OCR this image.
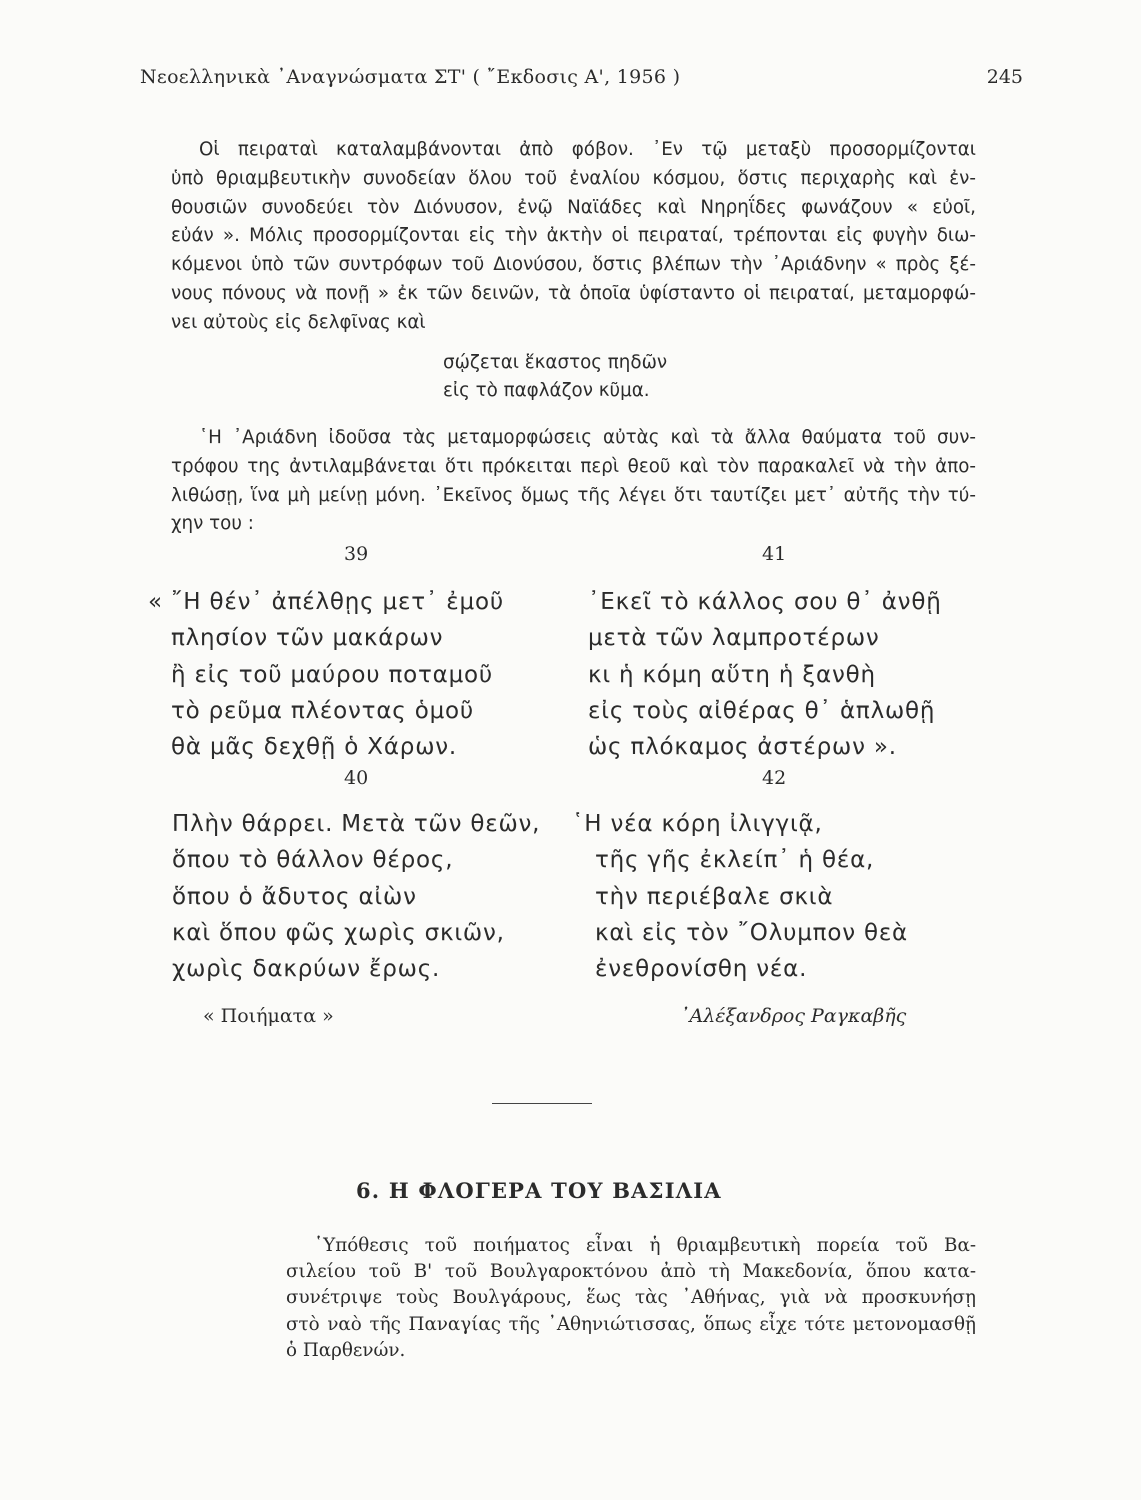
Νεοελληνικὰ ᾿Αναγνώσματα ΣΤ' ( ῎Εκδοσις Α', 1956 )	245
Οἱ πειραταὶ καταλαμβάνονται ἀπὸ φόβον. ᾿Εν τῷ μεταξὺ προσορμίζονται
ὑπὸ θριαμβευτικὴν συνοδείαν ὅλου τοῦ ἐναλίου κόσμου, ὅστις περιχαρὴς καὶ ἐν-
θουσιῶν συνοδεύει τὸν Διόνυσον, ἐνῷ Ναϊάδες καὶ Νηρηΐδες φωνάζουν « εὐοῖ,
εὐάν ». Μόλις προσορμίζονται εἰς τὴν ἀκτὴν οἱ πειραταί, τρέπονται εἰς φυγὴν διω-
κόμενοι ὑπὸ τῶν συντρόφων τοῦ Διονύσου, ὅστις βλέπων τὴν ᾿Αριάδνην « πρὸς ξέ-
νους πόνους νὰ πονῇ » ἐκ τῶν δεινῶν, τὰ ὁποῖα ὑφίσταντο οἱ πειραταί, μεταμορφώ-
νει αὐτοὺς εἰς δελφῖνας καὶ
σῴζεται ἕκαστος πηδῶν
εἰς τὸ παφλάζον κῦμα.
῾Η ᾿Αριάδνη ἰδοῦσα τὰς μεταμορφώσεις αὐτὰς καὶ τὰ ἄλλα θαύματα τοῦ συν-
τρόφου της ἀντιλαμβάνεται ὅτι πρόκειται περὶ θεοῦ καὶ τὸν παρακαλεῖ νὰ τὴν ἀπο-
λιθώσῃ, ἵνα μὴ μείνῃ μόνη. ᾿Εκεῖνος ὅμως τῆς λέγει ὅτι ταυτίζει μετ᾿ αὐτῆς τὴν τύ-
χην του :
39
« ῎Η θέν᾿ ἀπέλθῃς μετ᾿ ἐμοῦ
πλησίον τῶν μακάρων
ἢ εἰς τοῦ μαύρου ποταμοῦ
τὸ ρεῦμα πλέοντας ὁμοῦ
θὰ μᾶς δεχθῇ ὁ Χάρων.
41
᾿Εκεῖ τὸ κάλλος σου θ᾿ ἀνθῇ
μετὰ τῶν λαμπροτέρων
κι ἡ κόμη αὕτη ἡ ξανθὴ
εἰς τοὺς αἰθέρας θ᾿ ἁπλωθῇ
ὡς πλόκαμος ἀστέρων ».
40
Πλὴν θάρρει. Μετὰ τῶν θεῶν,
ὅπου τὸ θάλλον θέρος,
ὅπου ὁ ἄδυτος αἰὼν
καὶ ὅπου φῶς χωρὶς σκιῶν,
χωρὶς δακρύων ἔρως.
42
῾Η νέα κόρη ἰλιγγιᾷ,
τῆς γῆς ἐκλείπ᾿ ἡ θέα,
τὴν περιέβαλε σκιὰ
καὶ εἰς τὸν ῎Ολυμπον θεὰ
ἐνεθρονίσθη νέα.
« Ποιήματα »	᾿Αλέξανδρος Ραγκαβῆς
6. Η ΦΛΟΓΕΡΑ ΤΟΥ ΒΑΣΙΛΙΑ
῾Υπόθεσις τοῦ ποιήματος εἶναι ἡ θριαμβευτικὴ πορεία τοῦ Βα-
σιλείου τοῦ Β' τοῦ Βουλγαροκτόνου ἀπὸ τὴ Μακεδονία, ὅπου κατα-
συνέτριψε τοὺς Βουλγάρους, ἕως τὰς ᾿Αθήνας, γιὰ νὰ προσκυνήσῃ
στὸ ναὸ τῆς Παναγίας τῆς ᾿Αθηνιώτισσας, ὅπως εἶχε τότε μετονομασθῇ
ὁ Παρθενών.
